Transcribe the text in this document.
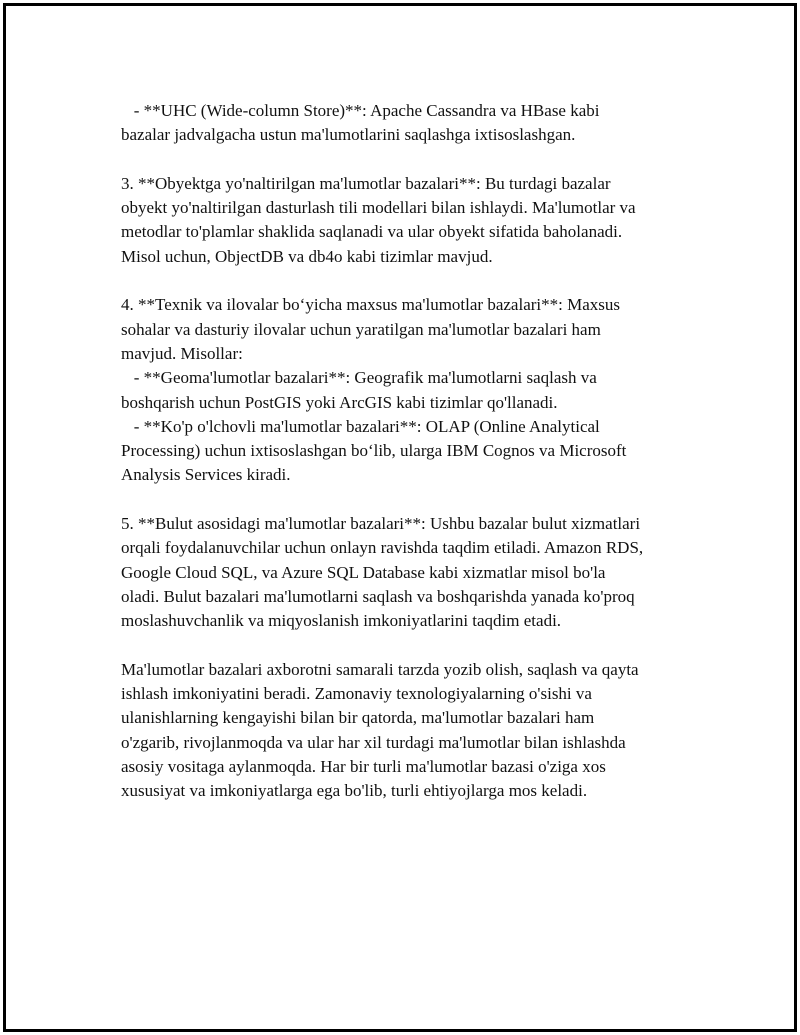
- **UHC (Wide-column Store)**: Apache Cassandra va HBase kabi
bazalar jadvalgacha ustun ma'lumotlarini saqlashga ixtisoslashgan.
3. **Obyektga yo'naltirilgan ma'lumotlar bazalari**: Bu turdagi bazalar
obyekt yo'naltirilgan dasturlash tili modellari bilan ishlaydi. Ma'lumotlar va
metodlar to'plamlar shaklida saqlanadi va ular obyekt sifatida baholanadi.
Misol uchun, ObjectDB va db4o kabi tizimlar mavjud.
4. **Texnik va ilovalar bo‘yicha maxsus ma'lumotlar bazalari**: Maxsus
sohalar va dasturiy ilovalar uchun yaratilgan ma'lumotlar bazalari ham
mavjud. Misollar:
- **Geoma'lumotlar bazalari**: Geografik ma'lumotlarni saqlash va
boshqarish uchun PostGIS yoki ArcGIS kabi tizimlar qo'llanadi.
- **Ko'p o'lchovli ma'lumotlar bazalari**: OLAP (Online Analytical
Processing) uchun ixtisoslashgan bo‘lib, ularga IBM Cognos va Microsoft
Analysis Services kiradi.
5. **Bulut asosidagi ma'lumotlar bazalari**: Ushbu bazalar bulut xizmatlari
orqali foydalanuvchilar uchun onlayn ravishda taqdim etiladi. Amazon RDS,
Google Cloud SQL, va Azure SQL Database kabi xizmatlar misol bo'la
oladi. Bulut bazalari ma'lumotlarni saqlash va boshqarishda yanada ko'proq
moslashuvchanlik va miqyoslanish imkoniyatlarini taqdim etadi.
Ma'lumotlar bazalari axborotni samarali tarzda yozib olish, saqlash va qayta
ishlash imkoniyatini beradi. Zamonaviy texnologiyalarning o'sishi va
ulanishlarning kengayishi bilan bir qatorda, ma'lumotlar bazalari ham
o'zgarib, rivojlanmoqda va ular har xil turdagi ma'lumotlar bilan ishlashda
asosiy vositaga aylanmoqda. Har bir turli ma'lumotlar bazasi o'ziga xos
xususiyat va imkoniyatlarga ega bo'lib, turli ehtiyojlarga mos keladi.
